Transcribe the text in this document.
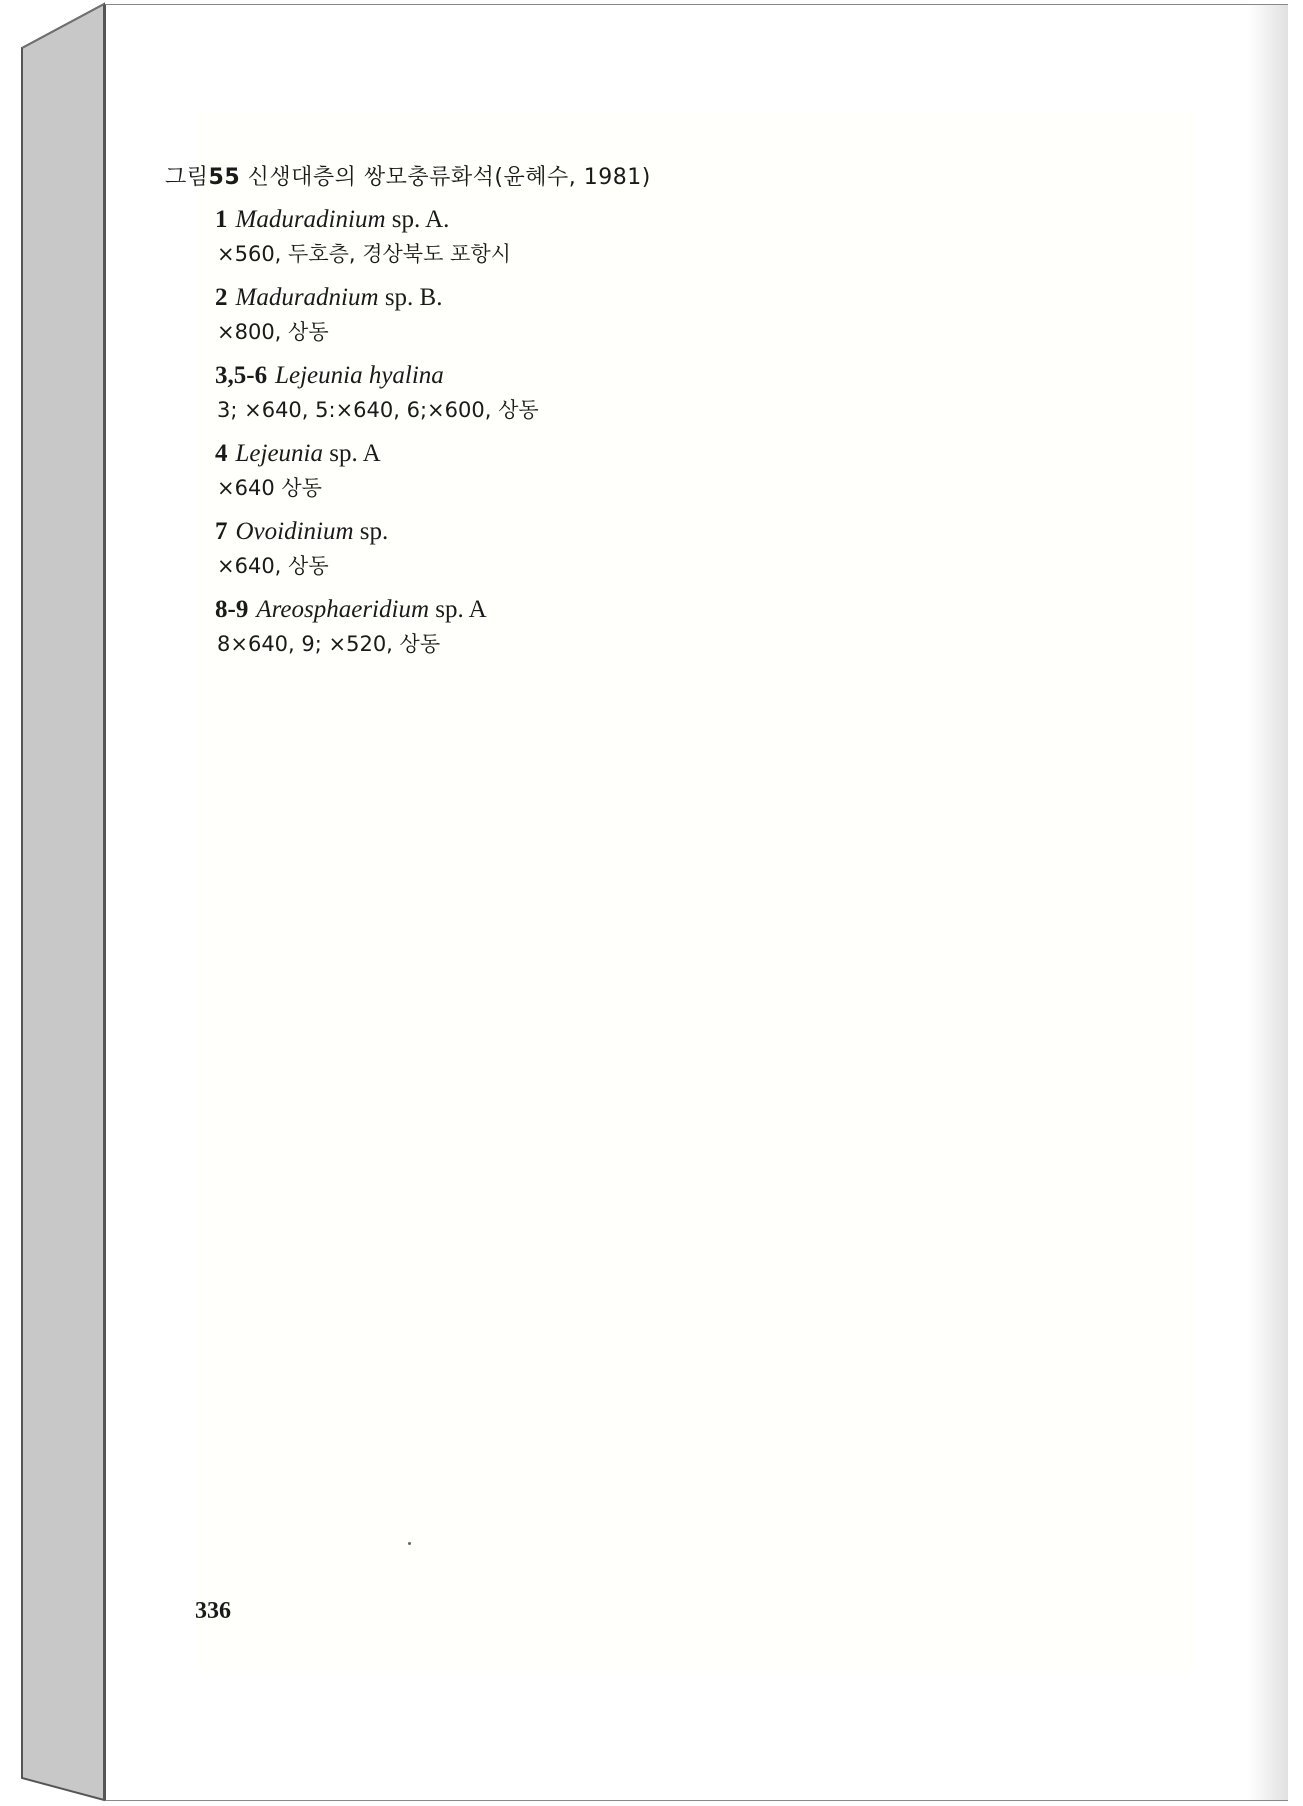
그림55 신생대층의 쌍모충류화석(윤혜수, 1981)
1 Maduradinium sp. A.
×560, 두호층, 경상북도 포항시
2 Maduradnium sp. B.
×800, 상동
3,5-6 Lejeunia hyalina
3; ×640, 5:×640, 6;×600, 상동
4 Lejeunia sp. A
×640 상동
7 Ovoidinium sp.
×640, 상동
8-9 Areosphaeridium sp. A
8×640, 9; ×520, 상동
336
